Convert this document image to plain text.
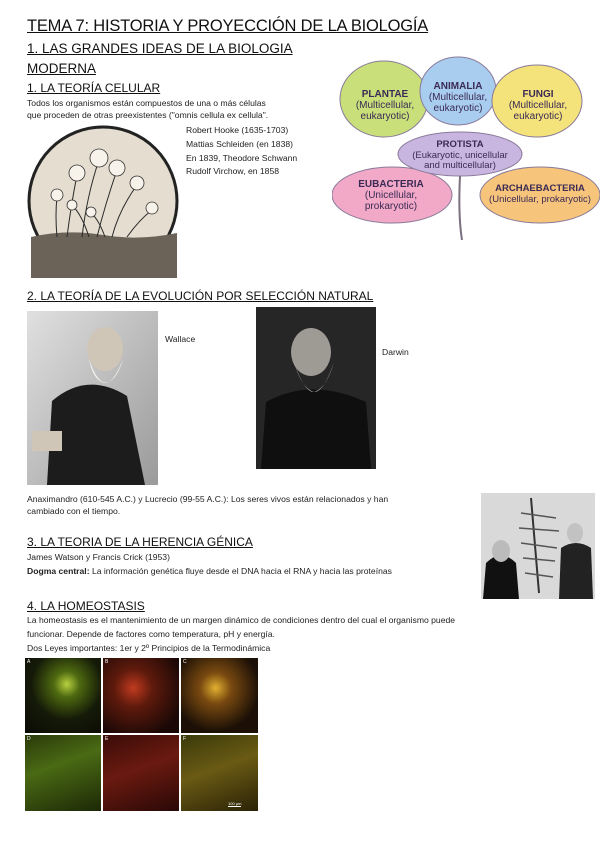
TEMA 7: HISTORIA Y PROYECCIÓN DE LA BIOLOGÍA
1. LAS GRANDES IDEAS DE LA BIOLOGIA
MODERNA
1. LA TEORÍA CELULAR
Todos los organismos están compuestos de una o más células
que proceden de otras preexistentes ("omnis cellula ex cellula".
Robert Hooke (1635-1703)
Mattias Schleiden (en 1838)
En 1839, Theodore Schwann
Rudolf Virchow, en 1858
PLANTAE
(Multicellular,
eukaryotic)
ANIMALIA
(Multicellular,
eukaryotic)
FUNGI
(Multicellular,
eukaryotic)
PROTISTA
(Eukaryotic, unicellular
and multicellular)
EUBACTERIA
(Unicellular,
prokaryotic)
ARCHAEBACTERIA
(Unicellular, prokaryotic)
2. LA TEORÍA DE LA EVOLUCIÓN POR SELECCIÓN NATURAL
Wallace
Darwin
Anaximandro (610-545 A.C.) y Lucrecio (99-55 A.C.): Los seres vivos están relacionados y han
cambiado con el tiempo.
3. LA TEORIA DE LA HERENCIA GÉNICA
James Watson y Francis Crick (1953)
Dogma central: La información genética fluye desde el DNA hacia el RNA y hacia las proteínas
4. LA HOMEOSTASIS
La homeostasis es el mantenimiento de un margen dinámico de condiciones dentro del cual el organismo puede
funcionar. Depende de factores como temperatura, pH y energía.
Dos Leyes importantes: 1er y 2º Principios de la Termodinámica
A	B	C
D	E	F
100 µm
